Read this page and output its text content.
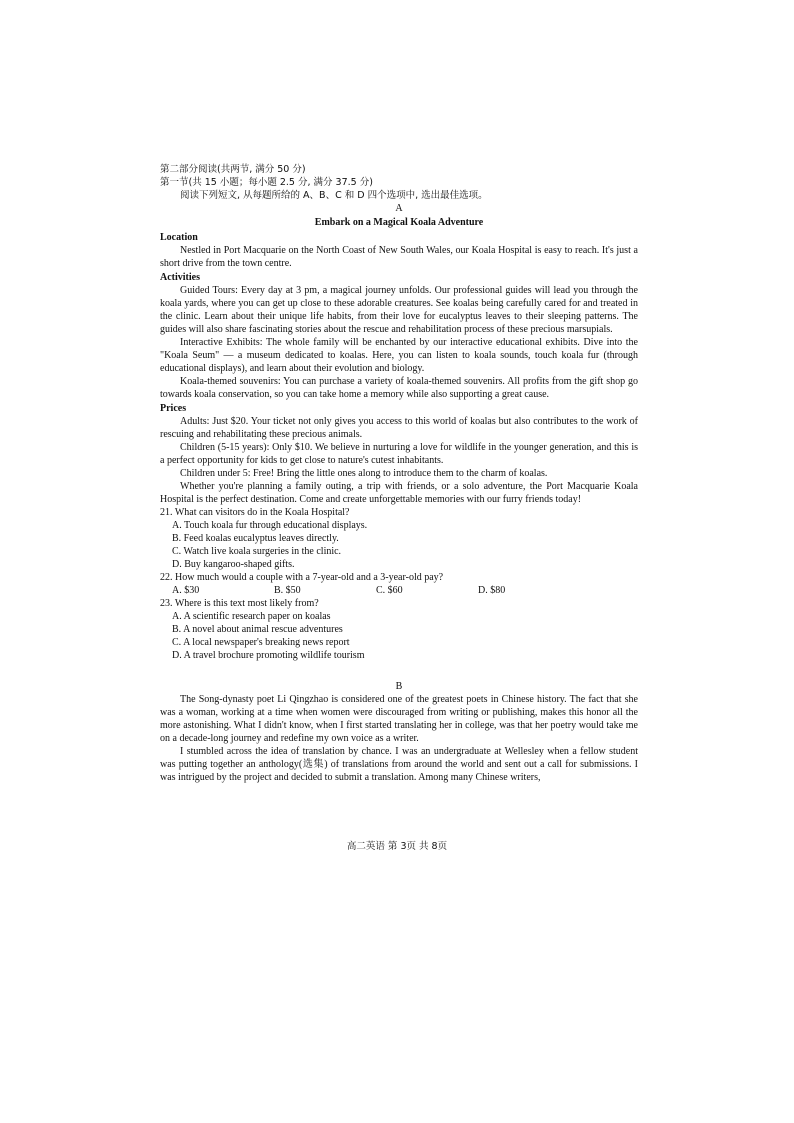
第二部分阅读(共两节, 满分 50 分)
第一节(共 15 小题；每小题 2.5 分, 满分 37.5 分)
阅读下列短文, 从每题所给的 A、B、C 和 D 四个选项中, 选出最佳选项。
A
Embark on a Magical Koala Adventure
Location

Nestled in Port Macquarie on the North Coast of New South Wales, our Koala Hospital is easy to reach. It's just a short drive from the town centre.

Activities

Guided Tours: Every day at 3 pm, a magical journey unfolds. Our professional guides will lead you through the koala yards, where you can get up close to these adorable creatures. See koalas being carefully cared for and treated in the clinic. Learn about their unique life habits, from their love for eucalyptus leaves to their sleeping patterns. The guides will also share fascinating stories about the rescue and rehabilitation process of these precious marsupials.

Interactive Exhibits: The whole family will be enchanted by our interactive educational exhibits. Dive into the "Koala Seum" — a museum dedicated to koalas. Here, you can listen to koala sounds, touch koala fur (through educational displays), and learn about their evolution and biology.

Koala-themed souvenirs: You can purchase a variety of koala-themed souvenirs. All profits from the gift shop go towards koala conservation, so you can take home a memory while also supporting a great cause.

Prices

Adults: Just $20. Your ticket not only gives you access to this world of koalas but also contributes to the work of rescuing and rehabilitating these precious animals.

Children (5-15 years): Only $10. We believe in nurturing a love for wildlife in the younger generation, and this is a perfect opportunity for kids to get close to nature's cutest inhabitants.

Children under 5: Free! Bring the little ones along to introduce them to the charm of koalas.

Whether you're planning a family outing, a trip with friends, or a solo adventure, the Port Macquarie Koala Hospital is the perfect destination. Come and create unforgettable memories with our furry friends today!

21. What can visitors do in the Koala Hospital?
A. Touch koala fur through educational displays.
B. Feed koalas eucalyptus leaves directly.
C. Watch live koala surgeries in the clinic.
D. Buy kangaroo-shaped gifts.
22. How much would a couple with a 7-year-old and a 3-year-old pay?
A. $30	B. $50	C. $60	D. $80
23. Where is this text most likely from?
A. A scientific research paper on koalas
B. A novel about animal rescue adventures
C. A local newspaper's breaking news report
D. A travel brochure promoting wildlife tourism
B

The Song-dynasty poet Li Qingzhao is considered one of the greatest poets in Chinese history. The fact that she was a woman, working at a time when women were discouraged from writing or publishing, makes this honor all the more astonishing. What I didn't know, when I first started translating her in college, was that her poetry would take me on a decade-long journey and redefine my own voice as a writer.

I stumbled across the idea of translation by chance. I was an undergraduate at Wellesley when a fellow student was putting together an anthology(选集) of translations from around the world and sent out a call for submissions. I was intrigued by the project and decided to submit a translation. Among many Chinese writers,

高二英语 第 3页 共 8页
